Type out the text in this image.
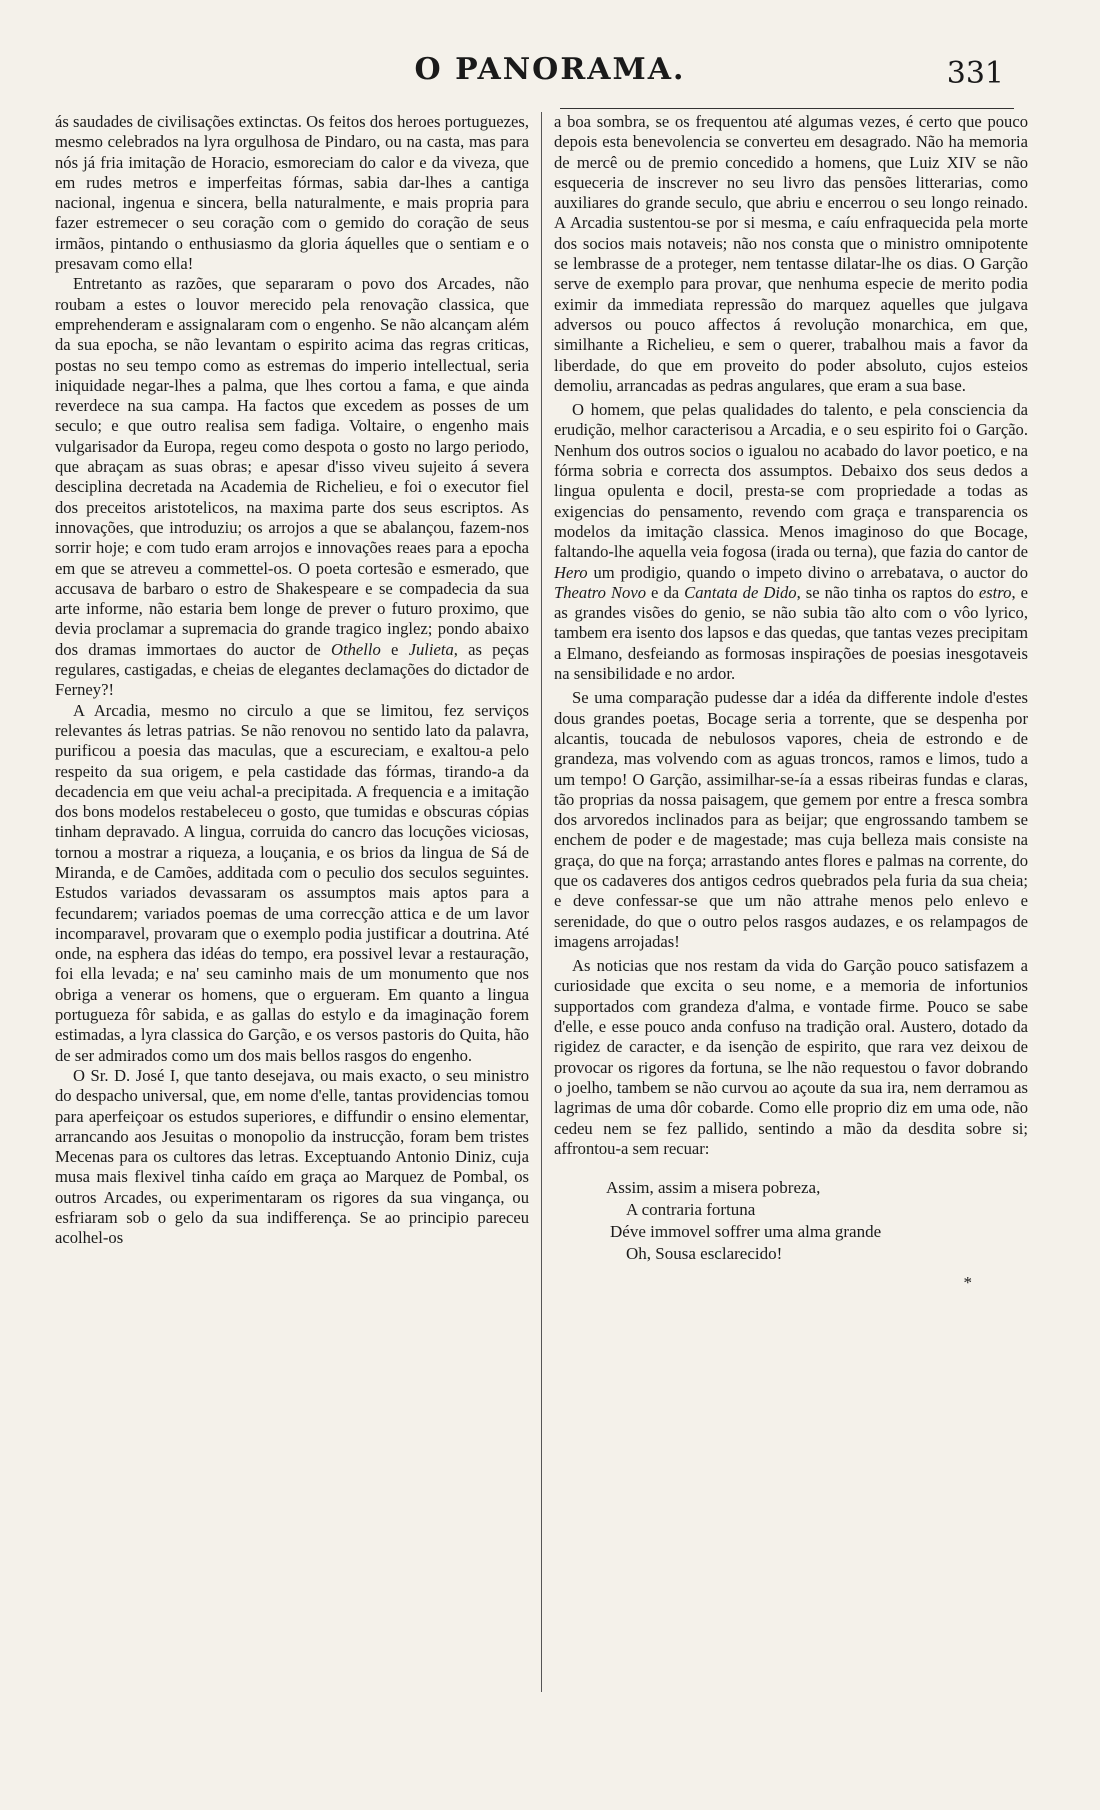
O PANORAMA.	331

ás saudades de civilisações extinctas. Os feitos dos heroes portuguezes, mesmo celebrados na lyra orgulhosa de Pindaro, ou na casta, mas para nós já fria imitação de Horacio, esmoreciam do calor e da viveza, que em rudes metros e imperfeitas fórmas, sabia dar-lhes a cantiga nacional, ingenua e sincera, bella naturalmente, e mais propria para fazer estremecer o seu coração com o gemido do coração de seus irmãos, pintando o enthusiasmo da gloria áquelles que o sentiam e o presavam como ella!

Entretanto as razões, que separaram o povo dos Arcades, não roubam a estes o louvor merecido pela renovação classica, que emprehenderam e assignalaram com o engenho. Se não alcançam além da sua epocha, se não levantam o espirito acima das regras criticas, postas no seu tempo como as estremas do imperio intellectual, seria iniquidade negar-lhes a palma, que lhes cortou a fama, e que ainda reverdece na sua campa. Ha factos que excedem as posses de um seculo; e que outro realisa sem fadiga. Voltaire, o engenho mais vulgarisador da Europa, regeu como despota o gosto no largo periodo, que abraçam as suas obras; e apesar d'isso viveu sujeito á severa desciplina decretada na Academia de Richelieu, e foi o executor fiel dos preceitos aristotelicos, na maxima parte dos seus escriptos. As innovações, que introduziu; os arrojos a que se abalançou, fazem-nos sorrir hoje; e com tudo eram arrojos e innovações reaes para a epocha em que se atreveu a commettel-os. O poeta cortesão e esmerado, que accusava de barbaro o estro de Shakespeare e se compadecia da sua arte informe, não estaria bem longe de prever o futuro proximo, que devia proclamar a supremacia do grande tragico inglez; pondo abaixo dos dramas immortaes do auctor de Othello e Julieta, as peças regulares, castigadas, e cheias de elegantes declamações do dictador de Ferney?!

A Arcadia, mesmo no circulo a que se limitou, fez serviços relevantes ás letras patrias. Se não renovou no sentido lato da palavra, purificou a poesia das maculas, que a escureciam, e exaltou-a pelo respeito da sua origem, e pela castidade das fórmas, tirando-a da decadencia em que veiu achal-a precipitada. A frequencia e a imitação dos bons modelos restabeleceu o gosto, que tumidas e obscuras cópias tinham depravado. A lingua, corruida do cancro das locuções viciosas, tornou a mostrar a riqueza, a louçania, e os brios da lingua de Sá de Miranda, e de Camões, additada com o peculio dos seculos seguintes. Estudos variados devassaram os assumptos mais aptos para a fecundarem; variados poemas de uma correcção attica e de um lavor incomparavel, provaram que o exemplo podia justificar a doutrina. Até onde, na esphera das idéas do tempo, era possivel levar a restauração, foi ella levada; e na' seu caminho mais de um monumento que nos obriga a venerar os homens, que o ergueram. Em quanto a lingua portugueza fôr sabida, e as gallas do estylo e da imaginação forem estimadas, a lyra classica do Garção, e os versos pastoris do Quita, hão de ser admirados como um dos mais bellos rasgos do engenho.

O Sr. D. José I, que tanto desejava, ou mais exacto, o seu ministro do despacho universal, que, em nome d'elle, tantas providencias tomou para aperfeiçoar os estudos superiores, e diffundir o ensino elementar, arrancando aos Jesuitas o monopolio da instrucção, foram bem tristes Mecenas para os cultores das letras. Exceptuando Antonio Diniz, cuja musa mais flexivel tinha caído em graça ao Marquez de Pombal, os outros Arcades, ou experimentaram os rigores da sua vingança, ou esfriaram sob o gelo da sua indifferença. Se ao principio pareceu acolhel-os

a boa sombra, se os frequentou até algumas vezes, é certo que pouco depois esta benevolencia se converteu em desagrado. Não ha memoria de mercê ou de premio concedido a homens, que Luiz XIV se não esqueceria de inscrever no seu livro das pensões litterarias, como auxiliares do grande seculo, que abriu e encerrou o seu longo reinado. A Arcadia sustentou-se por si mesma, e caíu enfraquecida pela morte dos socios mais notaveis; não nos consta que o ministro omnipotente se lembrasse de a proteger, nem tentasse dilatar-lhe os dias. O Garção serve de exemplo para provar, que nenhuma especie de merito podia eximir da immediata repressão do marquez aquelles que julgava adversos ou pouco affectos á revolução monarchica, em que, similhante a Richelieu, e sem o querer, trabalhou mais a favor da liberdade, do que em proveito do poder absoluto, cujos esteios demoliu, arrancadas as pedras angulares, que eram a sua base.

O homem, que pelas qualidades do talento, e pela consciencia da erudição, melhor caracterisou a Arcadia, e o seu espirito foi o Garção. Nenhum dos outros socios o igualou no acabado do lavor poetico, e na fórma sobria e correcta dos assumptos. Debaixo dos seus dedos a lingua opulenta e docil, presta-se com propriedade a todas as exigencias do pensamento, revendo com graça e transparencia os modelos da imitação classica. Menos imaginoso do que Bocage, faltando-lhe aquella veia fogosa (irada ou terna), que fazia do cantor de Hero um prodigio, quando o impeto divino o arrebatava, o auctor do Theatro Novo e da Cantata de Dido, se não tinha os raptos do estro, e as grandes visões do genio, se não subia tão alto com o vôo lyrico, tambem era isento dos lapsos e das quedas, que tantas vezes precipitam a Elmano, desfeiando as formosas inspirações de poesias inesgotaveis na sensibilidade e no ardor.

Se uma comparação pudesse dar a idéa da differente indole d'estes dous grandes poetas, Bocage seria a torrente, que se despenha por alcantis, toucada de nebulosos vapores, cheia de estrondo e de grandeza, mas volvendo com as aguas troncos, ramos e limos, tudo a um tempo! O Garção, assimilhar-se-ía a essas ribeiras fundas e claras, tão proprias da nossa paisagem, que gemem por entre a fresca sombra dos arvoredos inclinados para as beijar; que engrossando tambem se enchem de poder e de magestade; mas cuja belleza mais consiste na graça, do que na força; arrastando antes flores e palmas na corrente, do que os cadaveres dos antigos cedros quebrados pela furia da sua cheia; e deve confessar-se que um não attrahe menos pelo enlevo e serenidade, do que o outro pelos rasgos audazes, e os relampagos de imagens arrojadas!

As noticias que nos restam da vida do Garção pouco satisfazem a curiosidade que excita o seu nome, e a memoria de infortunios supportados com grandeza d'alma, e vontade firme. Pouco se sabe d'elle, e esse pouco anda confuso na tradição oral. Austero, dotado da rigidez de caracter, e da isenção de espirito, que rara vez deixou de provocar os rigores da fortuna, se lhe não requestou o favor dobrando o joelho, tambem se não curvou ao açoute da sua ira, nem derramou as lagrimas de uma dôr cobarde. Como elle proprio diz em uma ode, não cedeu nem se fez pallido, sentindo a mão da desdita sobre si; affrontou-a sem recuar:

Assim, assim a misera pobreza,
A contraria fortuna
Déve immovel soffrer uma alma grande
Oh, Sousa esclarecido!
*
